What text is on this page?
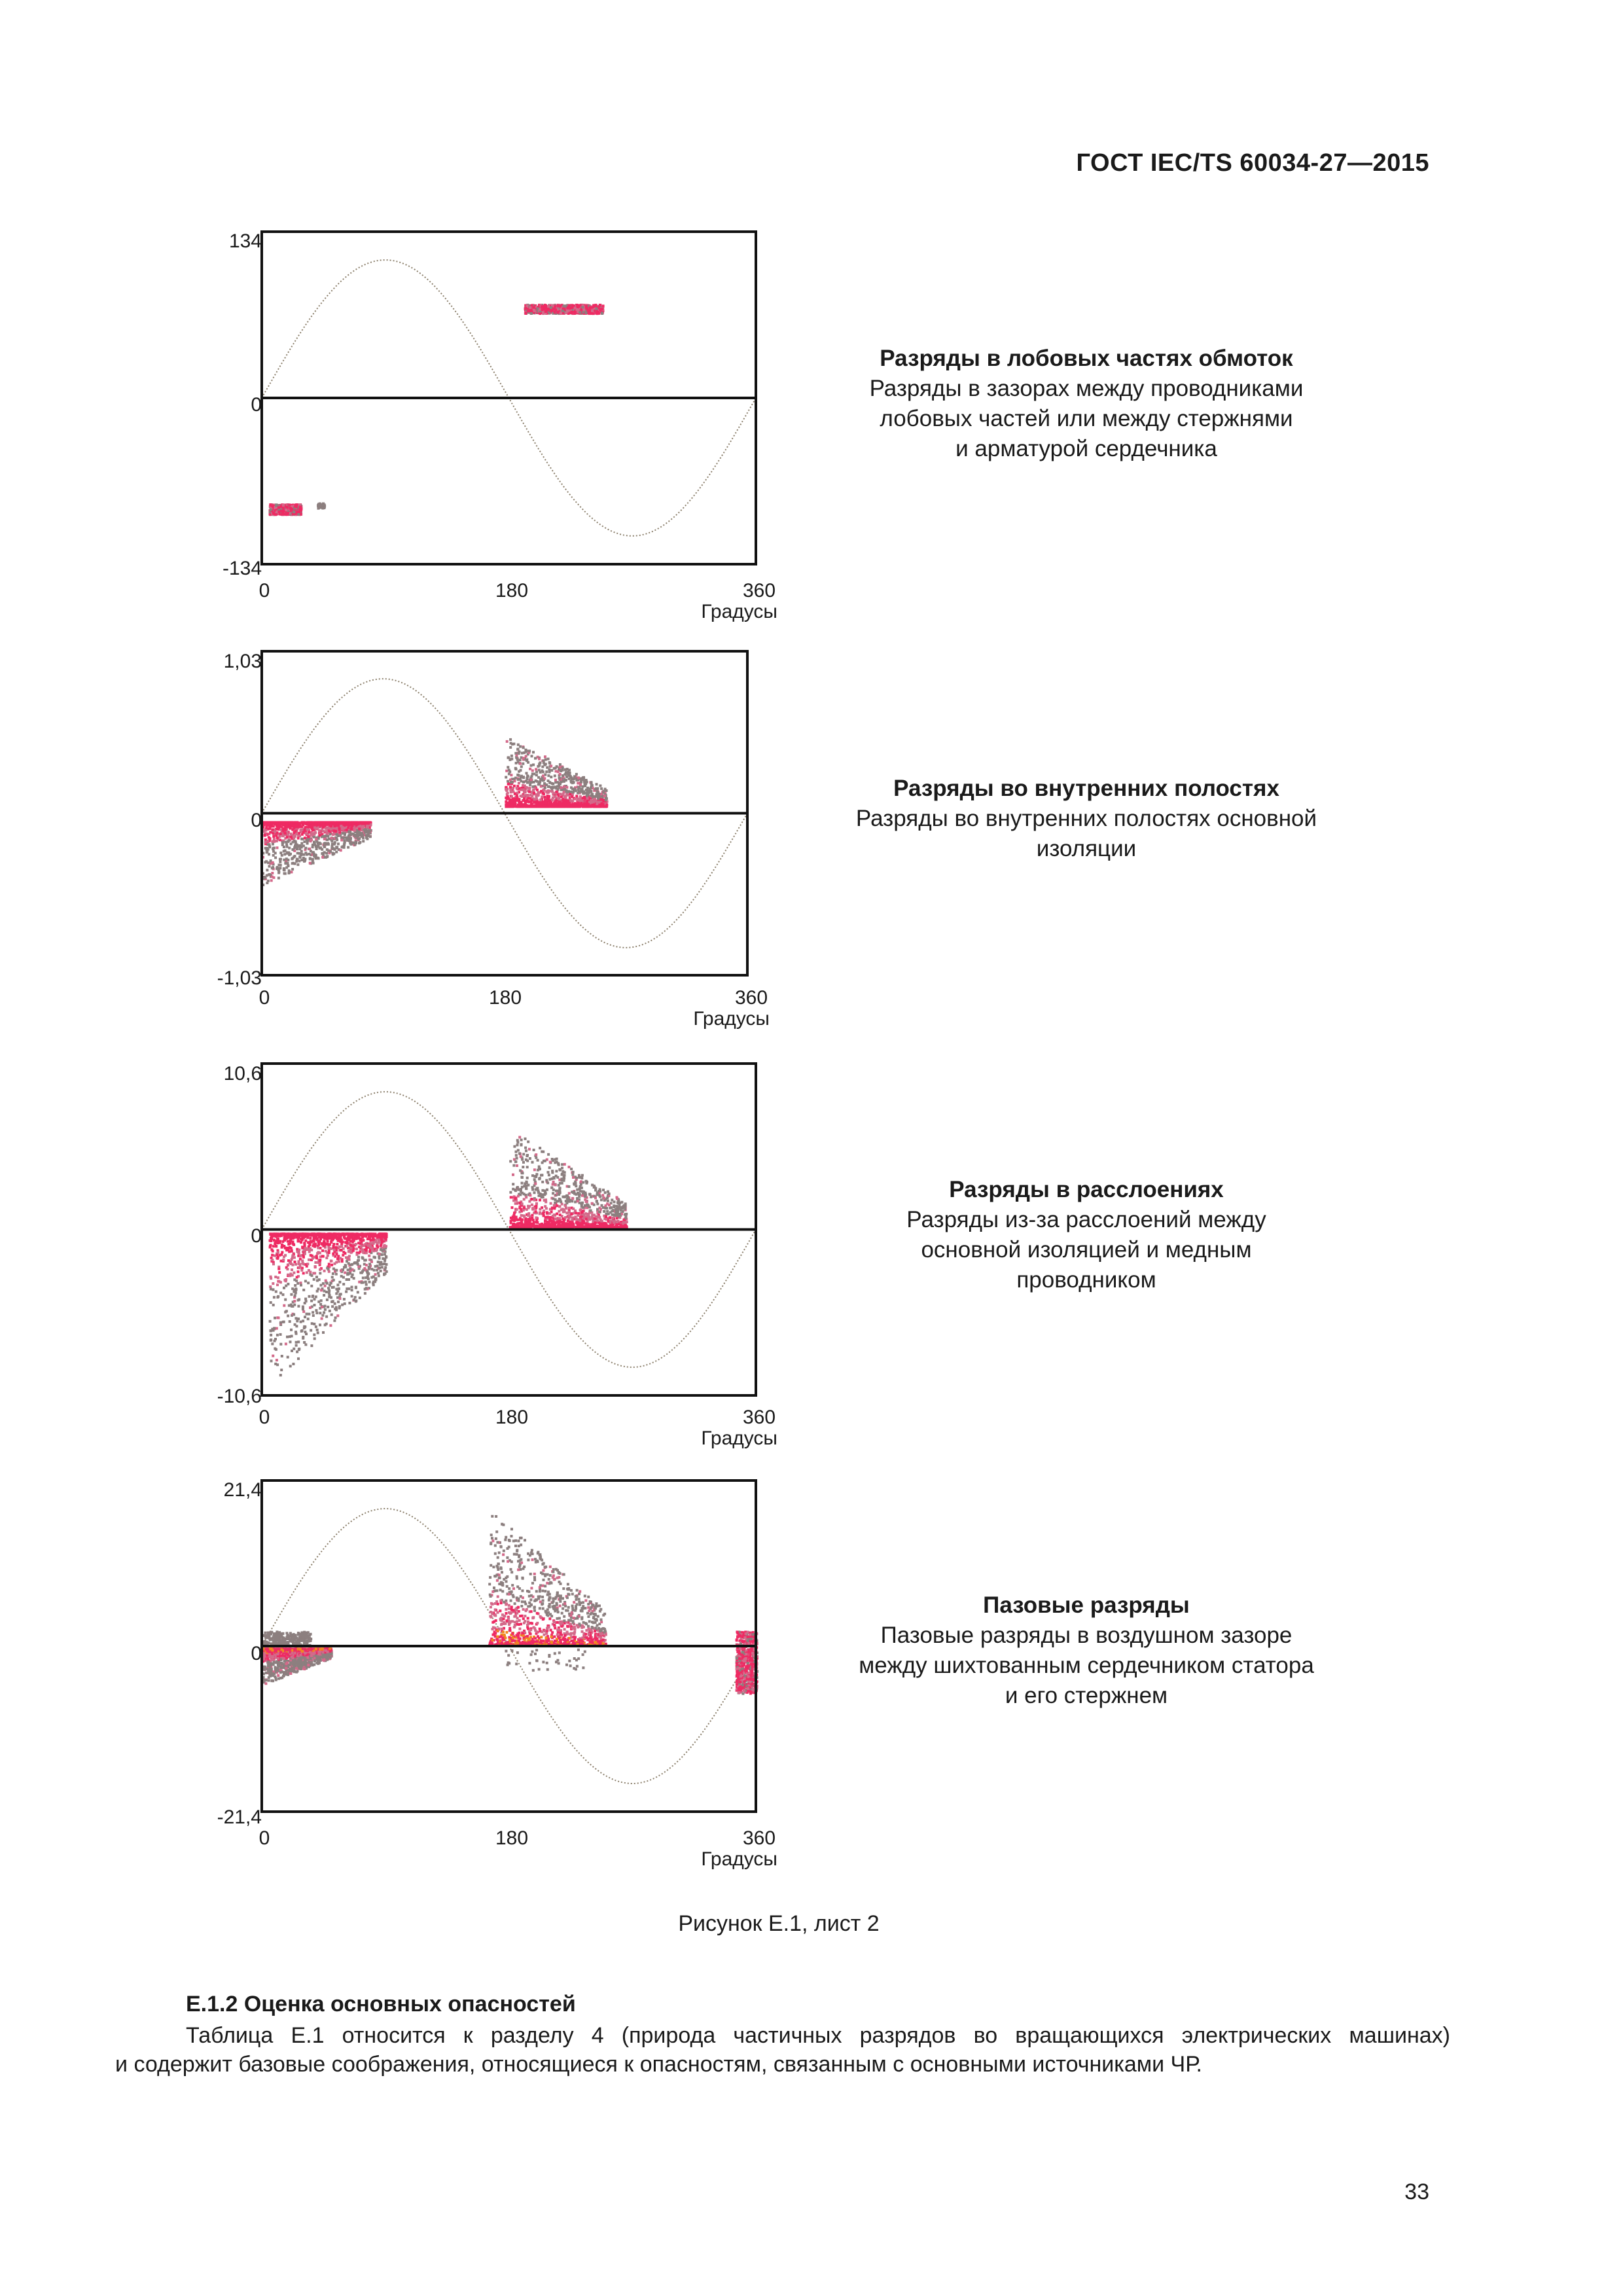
ГОСТ IEC/TS 60034-27—2015
134
0
-134
0	180	360
Градусы
Разряды в лобовых частях обмоток
Разряды в зазорах между проводниками
лобовых частей или между стержнями
и арматурой сердечника
1,03
0
-1,03
0	180	360
Градусы
Разряды во внутренних полостях
Разряды во внутренних полостях основной
изоляции
10,6
0
-10,6
0	180	360
Градусы
Разряды в расслоениях
Разряды из-за расслоений между
основной изоляцией и медным
проводником
21,4
0
-21,4
0	180	360
Градусы
Пазовые разряды
Пазовые разряды в воздушном зазоре
между шихтованным сердечником статора
и его стержнем
Рисунок Е.1, лист 2
Е.1.2 Оценка основных опасностей
Таблица Е.1 относится к разделу 4 (природа частичных разрядов во вращающихся электрических машинах)
и содержит базовые соображения, относящиеся к опасностям, связанным с основными источниками ЧР.
33
